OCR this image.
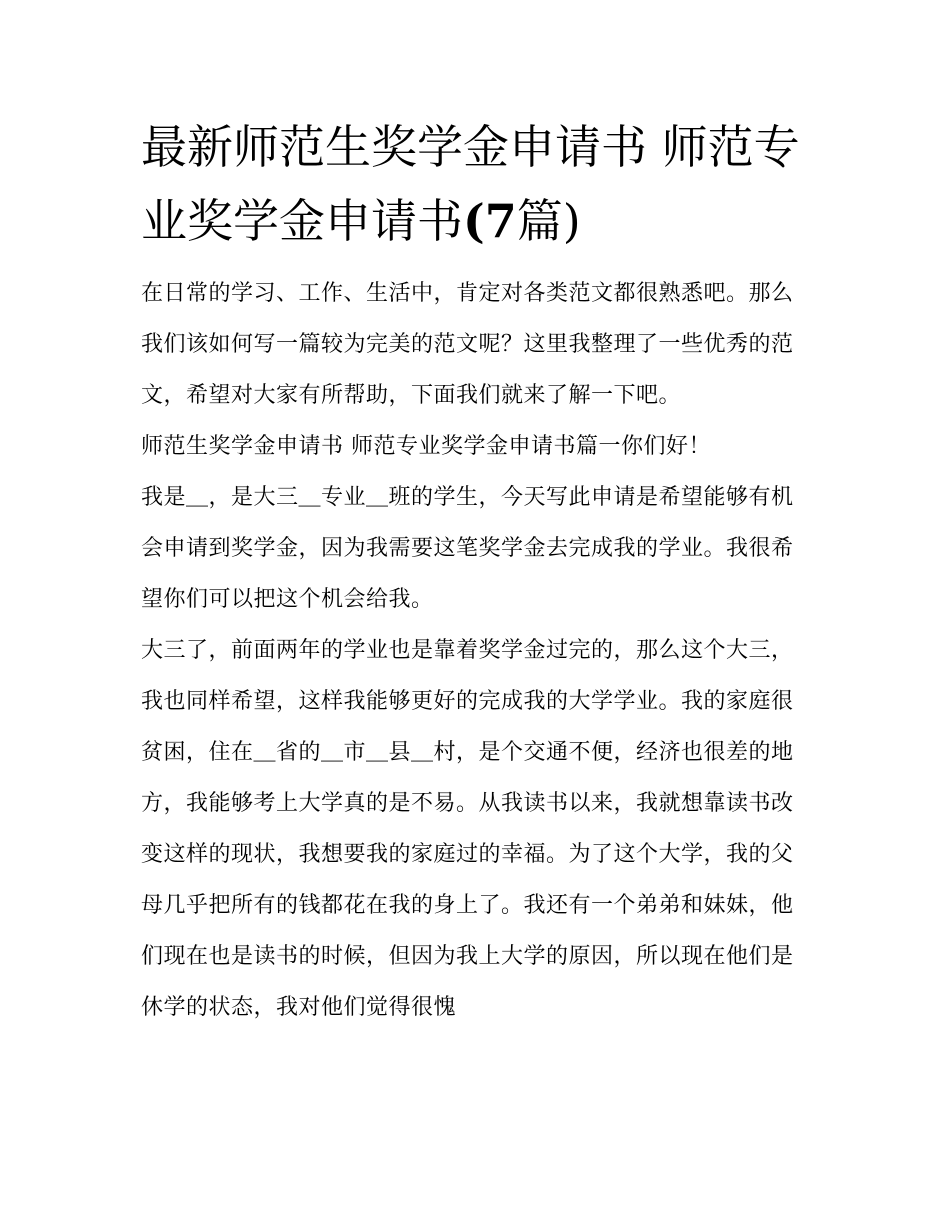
最新师范生奖学金申请书 师范专业奖学金申请书(7篇)

在日常的学习、工作、生活中，肯定对各类范文都很熟悉吧。那么我们该如何写一篇较为完美的范文呢？这里我整理了一些优秀的范文，希望对大家有所帮助，下面我们就来了解一下吧。

师范生奖学金申请书 师范专业奖学金申请书篇一你们好！

我是＿，是大三＿专业＿班的学生，今天写此申请是希望能够有机会申请到奖学金，因为我需要这笔奖学金去完成我的学业。我很希望你们可以把这个机会给我。

大三了，前面两年的学业也是靠着奖学金过完的，那么这个大三，我也同样希望，这样我能够更好的完成我的大学学业。我的家庭很贫困，住在＿省的＿市＿县＿村，是个交通不便，经济也很差的地方，我能够考上大学真的是不易。从我读书以来，我就想靠读书改变这样的现状，我想要我的家庭过的幸福。为了这个大学，我的父母几乎把所有的钱都花在我的身上了。我还有一个弟弟和妹妹，他们现在也是读书的时候，但因为我上大学的原因，所以现在他们是休学的状态，我对他们觉得很愧
